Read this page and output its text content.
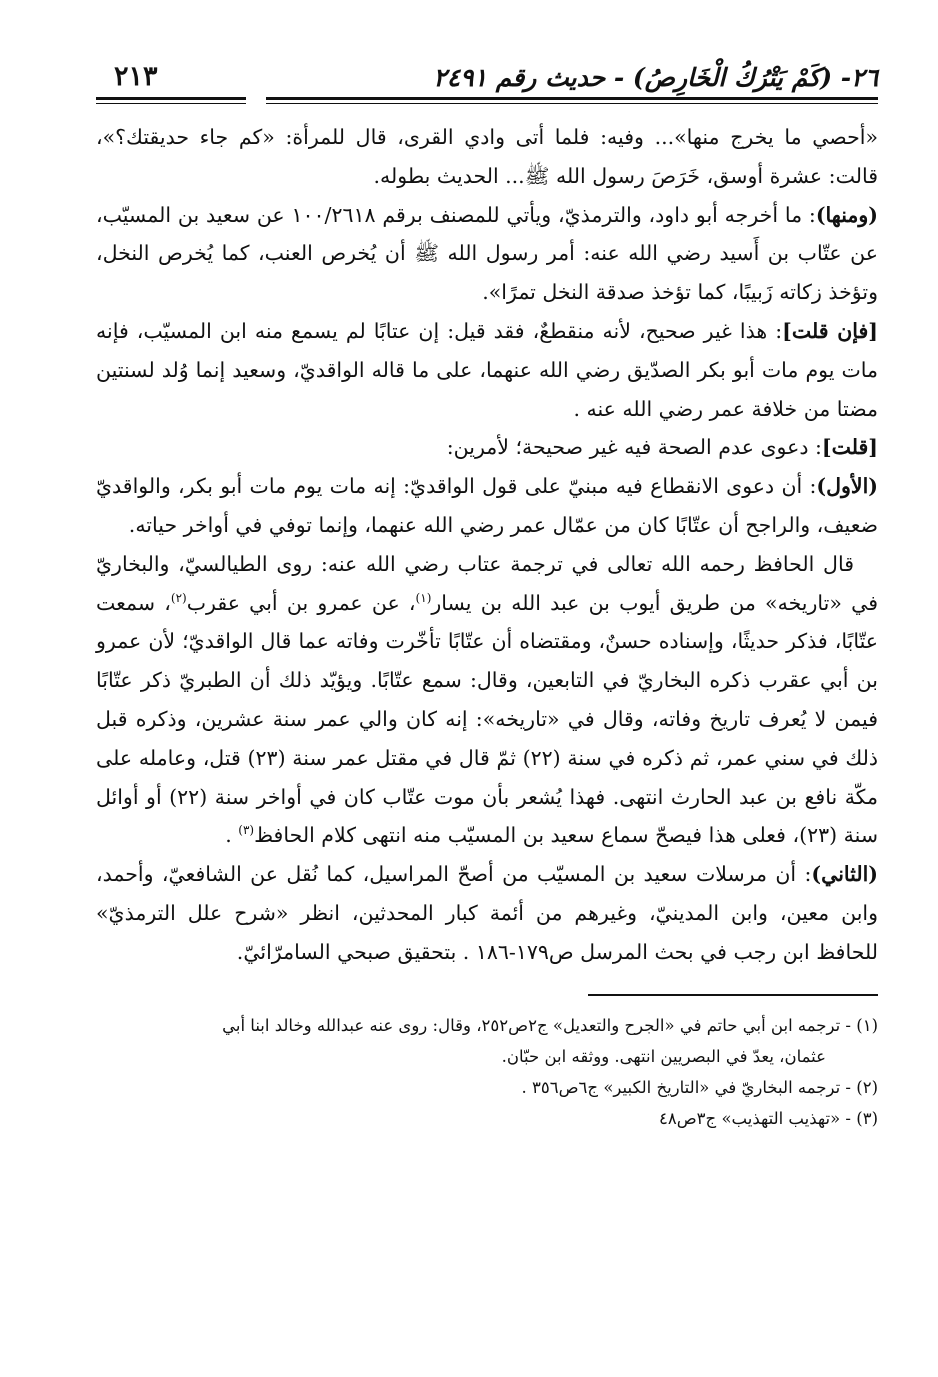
٢٦- (كَمْ يَتْرُكُ الْخَارِصُ) - حديث رقم ٢٤٩١
٢١٣

«أحصي ما يخرج منها»... وفيه: فلما أتى وادي القرى، قال للمرأة: «كم جاء حديقتك؟»، قالت: عشرة أوسق، خَرَصَ رسول الله ﷺ... الحديث بطوله.

(ومنها): ما أخرجه أبو داود، والترمذيّ، ويأتي للمصنف برقم ١٠٠/٢٦١٨ عن سعيد بن المسيّب، عن عتّاب بن أَسيد رضي الله عنه: أمر رسول الله ﷺ أن يُخرص العنب، كما يُخرص النخل، وتؤخذ زكاته زَبيبًا، كما تؤخذ صدقة النخل تمرًا».

[فإن قلت]: هذا غير صحيح، لأنه منقطعٌ، فقد قيل: إن عتابًا لم يسمع منه ابن المسيّب، فإنه مات يوم مات أبو بكر الصدّيق رضي الله عنهما، على ما قاله الواقديّ، وسعيد إنما وُلد لسنتين مضتا من خلافة عمر رضي الله عنه .

[قلت]: دعوى عدم الصحة فيه غير صحيحة؛ لأمرين:

(الأول): أن دعوى الانقطاع فيه مبنيّ على قول الواقديّ: إنه مات يوم مات أبو بكر، والواقديّ ضعيف، والراجح أن عتّابًا كان من عمّال عمر رضي الله عنهما، وإنما توفي في أواخر حياته.

قال الحافظ رحمه الله تعالى في ترجمة عتاب رضي الله عنه: روى الطيالسيّ، والبخاريّ في «تاريخه» من طريق أيوب بن عبد الله بن يسار$^{(١)}$، عن عمرو بن أبي عقرب$^{(٢)}$، سمعت عتّابًا، فذكر حديثًا، وإسناده حسنٌ، ومقتضاه أن عتّابًا تأخّرت وفاته عما قال الواقديّ؛ لأن عمرو بن أبي عقرب ذكره البخاريّ في التابعين، وقال: سمع عتّابًا. ويؤيّد ذلك أن الطبريّ ذكر عتّابًا فيمن لا يُعرف تاريخ وفاته، وقال في «تاريخه»: إنه كان والي عمر سنة عشرين، وذكره قبل ذلك في سني عمر، ثم ذكره في سنة (٢٢) ثمّ قال في مقتل عمر سنة (٢٣) قتل، وعامله على مكّة نافع بن عبد الحارث انتهى. فهذا يُشعر بأن موت عتّاب كان في أواخر سنة (٢٢) أو أوائل سنة (٢٣)، فعلى هذا فيصحّ سماع سعيد بن المسيّب منه انتهى كلام الحافظ$^{(٣)}$ .

(الثاني): أن مرسلات سعيد بن المسيّب من أصحّ المراسيل، كما نُقل عن الشافعيّ، وأحمد، وابن معين، وابن المدينيّ، وغيرهم من أئمة كبار المحدثين، انظر «شرح علل الترمذيّ» للحافظ ابن رجب في بحث المرسل ص١٧٩-١٨٦ . بتحقيق صبحي السامرّائيّ.

(١) - ترجمه ابن أبي حاتم في «الجرح والتعديل» ج٢ص٢٥٢، وقال: روى عنه عبدالله وخالد ابنا أبي

عثمان، يعدّ في البصريين انتهى. ووثقه ابن حبّان.

(٢) - ترجمه البخاريّ في «التاريخ الكبير» ج٦ص٣٥٦ .

(٣) - «تهذيب التهذيب» ج٣ص٤٨
